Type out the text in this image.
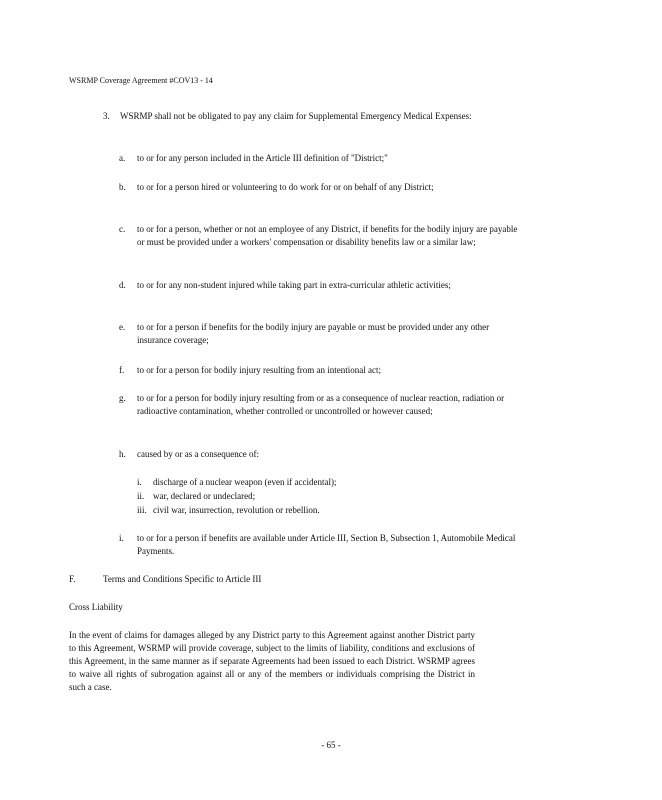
WSRMP Coverage Agreement #COV13 - 14
3. WSRMP shall not be obligated to pay any claim for Supplemental Emergency Medical Expenses:
a. to or for any person included in the Article III definition of "District;"
b. to or for a person hired or volunteering to do work for or on behalf of any District;
c. to or for a person, whether or not an employee of any District, if benefits for the bodily injury are payable or must be provided under a workers' compensation or disability benefits law or a similar law;
d. to or for any non-student injured while taking part in extra-curricular athletic activities;
e. to or for a person if benefits for the bodily injury are payable or must be provided under any other insurance coverage;
f. to or for a person for bodily injury resulting from an intentional act;
g. to or for a person for bodily injury resulting from or as a consequence of nuclear reaction, radiation or radioactive contamination, whether controlled or uncontrolled or however caused;
h. caused by or as a consequence of:
i. discharge of a nuclear weapon (even if accidental);
ii. war, declared or undeclared;
iii. civil war, insurrection, revolution or rebellion.
i. to or for a person if benefits are available under Article III, Section B, Subsection 1, Automobile Medical Payments.
F.	Terms and Conditions Specific to Article III
Cross Liability
In the event of claims for damages alleged by any District party to this Agreement against another District party to this Agreement, WSRMP will provide coverage, subject to the limits of liability, conditions and exclusions of this Agreement, in the same manner as if separate Agreements had been issued to each District. WSRMP agrees to waive all rights of subrogation against all or any of the members or individuals comprising the District in such a case.
- 65 -
